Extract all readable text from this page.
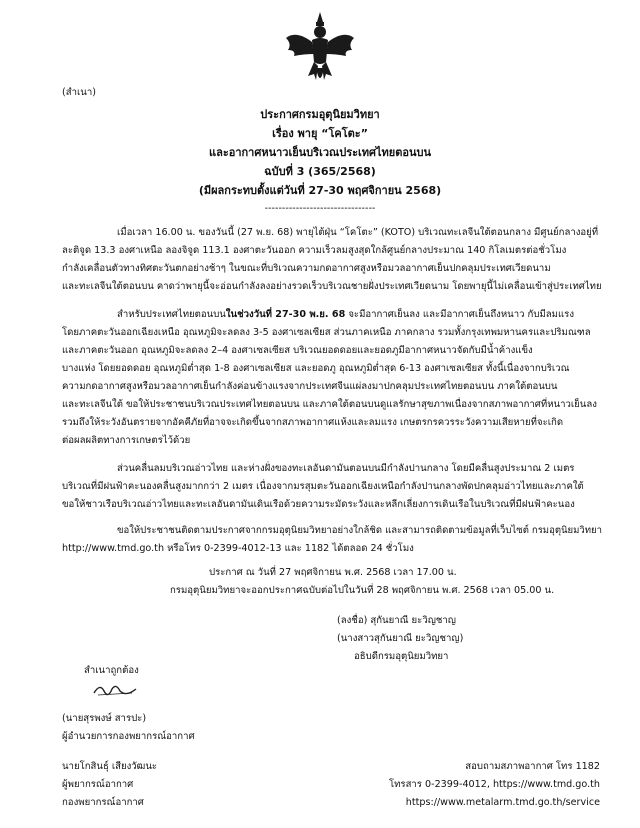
(สำเนา)
ประกาศกรมอุตุนิยมวิทยา
เรื่อง พายุ “โคโตะ”
และอากาศหนาวเย็นบริเวณประเทศไทยตอนบน
ฉบับที่ 3 (365/2568)
(มีผลกระทบตั้งแต่วันที่ 27-30 พฤศจิกายน 2568)
--------------------------------
เมื่อเวลา 16.00 น. ของวันนี้ (27 พ.ย. 68) พายุไต้ฝุ่น “โคโตะ” (KOTO) บริเวณทะเลจีนใต้ตอนกลาง มีศูนย์กลางอยู่ที่
ละติจูด 13.3 องศาเหนือ ลองจิจูด 113.1 องศาตะวันออก ความเร็วลมสูงสุดใกล้ศูนย์กลางประมาณ 140 กิโลเมตรต่อชั่วโมง
กำลังเคลื่อนตัวทางทิศตะวันตกอย่างช้าๆ ในขณะที่บริเวณความกดอากาศสูงหรือมวลอากาศเย็นปกคลุมประเทศเวียดนาม
และทะเลจีนใต้ตอนบน คาดว่าพายุนี้จะอ่อนกำลังลงอย่างรวดเร็วบริเวณชายฝั่งประเทศเวียดนาม โดยพายุนี้ไม่เคลื่อนเข้าสู่ประเทศไทย
สำหรับประเทศไทยตอนบนในช่วงวันที่ 27-30 พ.ย. 68 จะมีอากาศเย็นลง และมีอากาศเย็นถึงหนาว กับมีลมแรง
โดยภาคตะวันออกเฉียงเหนือ อุณหภูมิจะลดลง 3-5 องศาเซลเซียส ส่วนภาคเหนือ ภาคกลาง รวมทั้งกรุงเทพมหานครและปริมณฑล
และภาคตะวันออก อุณหภูมิจะลดลง 2–4 องศาเซลเซียส บริเวณยอดดอยและยอดภูมีอากาศหนาวจัดกับมีน้ำค้างแข็ง
บางแห่ง โดยยอดดอย อุณหภูมิต่ำสุด 1-8 องศาเซลเซียส และยอดภู อุณหภูมิต่ำสุด 6-13 องศาเซลเซียส ทั้งนี้เนื่องจากบริเวณ
ความกดอากาศสูงหรือมวลอากาศเย็นกำลังค่อนข้างแรงจากประเทศจีนแผ่ลงมาปกคลุมประเทศไทยตอนบน ภาคใต้ตอนบน
และทะเลจีนใต้ ขอให้ประชาชนบริเวณประเทศไทยตอนบน และภาคใต้ตอนบนดูแลรักษาสุขภาพเนื่องจากสภาพอากาศที่หนาวเย็นลง
รวมถึงให้ระวังอันตรายจากอัคคีภัยที่อาจจะเกิดขึ้นจากสภาพอากาศแห้งและลมแรง เกษตรกรควรระวังความเสียหายที่จะเกิด
ต่อผลผลิตทางการเกษตรไว้ด้วย
ส่วนคลื่นลมบริเวณอ่าวไทย และห่างฝั่งของทะเลอันดามันตอนบนมีกำลังปานกลาง โดยมีคลื่นสูงประมาณ 2 เมตร
บริเวณที่มีฝนฟ้าคะนองคลื่นสูงมากกว่า 2 เมตร เนื่องจากมรสุมตะวันออกเฉียงเหนือกำลังปานกลางพัดปกคลุมอ่าวไทยและภาคใต้
ขอให้ชาวเรือบริเวณอ่าวไทยและทะเลอันดามันเดินเรือด้วยความระมัดระวังและหลีกเลี่ยงการเดินเรือในบริเวณที่มีฝนฟ้าคะนอง
ขอให้ประชาชนติดตามประกาศจากกรมอุตุนิยมวิทยาอย่างใกล้ชิด และสามารถติดตามข้อมูลที่เว็บไซต์ กรมอุตุนิยมวิทยา
http://www.tmd.go.th หรือโทร 0-2399-4012-13 และ 1182 ได้ตลอด 24 ชั่วโมง
ประกาศ ณ วันที่ 27 พฤศจิกายน พ.ศ. 2568 เวลา 17.00 น.
กรมอุตุนิยมวิทยาจะออกประกาศฉบับต่อไปในวันที่ 28 พฤศจิกายน พ.ศ. 2568 เวลา 05.00 น.
(ลงชื่อ) สุกันยาณี ยะวิญชาญ
(นางสาวสุกันยาณี ยะวิญชาญ)
อธิบดีกรมอุตุนิยมวิทยา
สำเนาถูกต้อง
(นายสุรพงษ์ สารปะ)
ผู้อำนวยการกองพยากรณ์อากาศ
นายโกสินธุ์ เสียงวัฒนะ
ผู้พยากรณ์อากาศ
กองพยากรณ์อากาศ
สอบถามสภาพอากาศ โทร 1182
โทรสาร 0-2399-4012, https://www.tmd.go.th
https://www.metalarm.tmd.go.th/service
